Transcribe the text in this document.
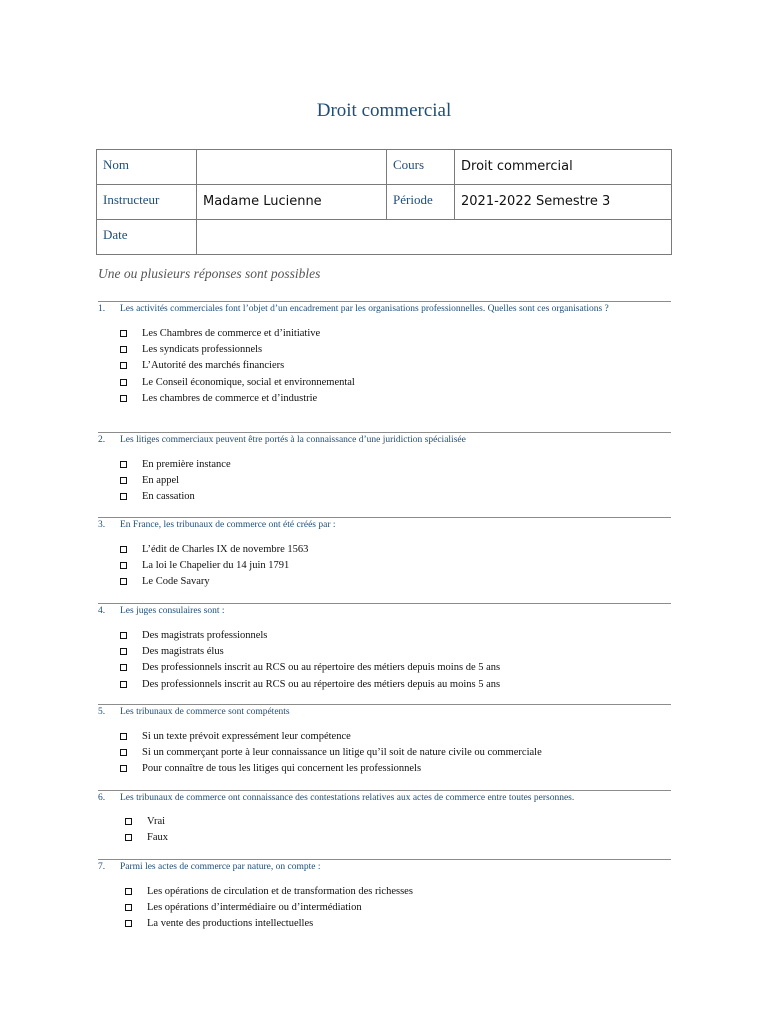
Droit commercial
Nom		Cours	Droit commercial
Instructeur	Madame Lucienne	Période	2021-2022 Semestre 3
Date			
Une ou plusieurs réponses sont possibles
1.	Les activités commerciales font l’objet d’un encadrement par les organisations professionnelles. Quelles sont ces organisations ?
Les Chambres de commerce et d’initiative
Les syndicats professionnels
L’Autorité des marchés financiers
Le Conseil économique, social et environnemental
Les chambres de commerce et d’industrie
2.	Les litiges commerciaux peuvent être portés à la connaissance d’une juridiction spécialisée
En première instance
En appel
En cassation
3.	En France, les tribunaux de commerce ont été créés par :
L’édit de Charles IX de novembre 1563
La loi le Chapelier du 14 juin 1791
Le Code Savary
4.	Les juges consulaires sont :
Des magistrats professionnels
Des magistrats élus
Des professionnels inscrit au RCS ou au répertoire des métiers depuis moins de 5 ans
Des professionnels inscrit au RCS ou au répertoire des métiers depuis au moins 5 ans
5.	Les tribunaux de commerce sont compétents
Si un texte prévoit expressément leur compétence
Si un commerçant porte à leur connaissance un litige qu’il soit de nature civile ou commerciale
Pour connaître de tous les litiges qui concernent les professionnels
6.	Les tribunaux de commerce ont connaissance des contestations relatives aux actes de commerce entre toutes personnes.
Vrai
Faux
7.	Parmi les actes de commerce par nature, on compte :
Les opérations de circulation et de transformation des richesses
Les opérations d’intermédiaire ou d’intermédiation
La vente des productions intellectuelles
